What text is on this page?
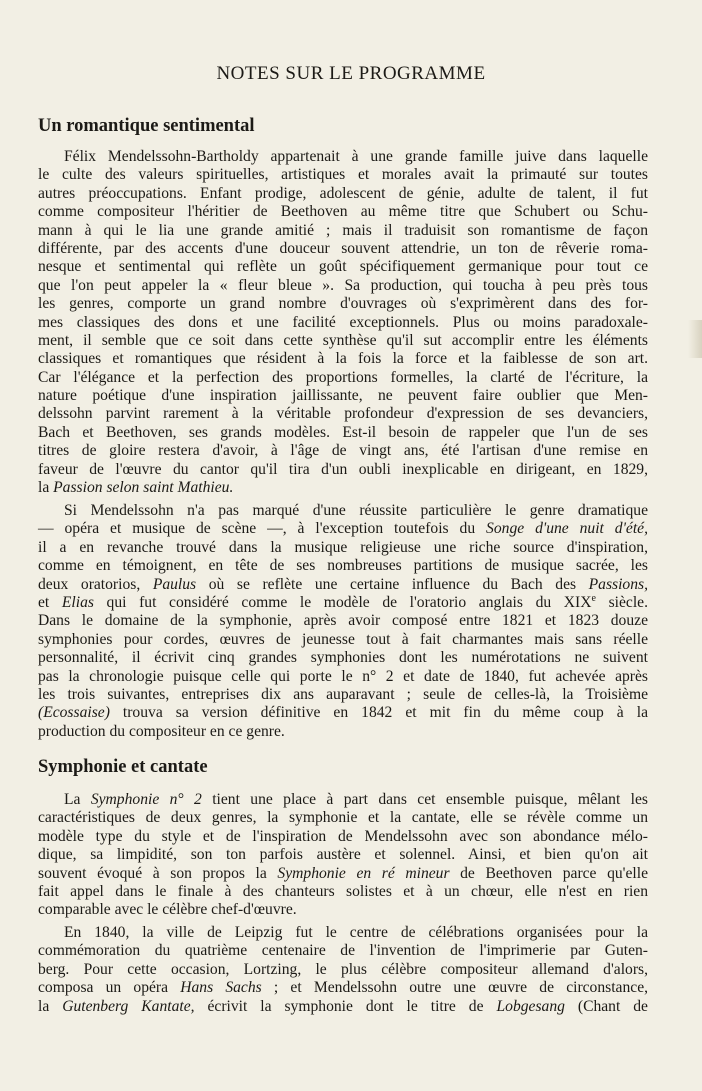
NOTES SUR LE PROGRAMME
Un romantique sentimental
Félix Mendelssohn-Bartholdy appartenait à une grande famille juive dans laquelle
le culte des valeurs spirituelles, artistiques et morales avait la primauté sur toutes
autres préoccupations. Enfant prodige, adolescent de génie, adulte de talent, il fut
comme compositeur l'héritier de Beethoven au même titre que Schubert ou Schu-
mann à qui le lia une grande amitié ; mais il traduisit son romantisme de façon
différente, par des accents d'une douceur souvent attendrie, un ton de rêverie roma-
nesque et sentimental qui reflète un goût spécifiquement germanique pour tout ce
que l'on peut appeler la « fleur bleue ». Sa production, qui toucha à peu près tous
les genres, comporte un grand nombre d'ouvrages où s'exprimèrent dans des for-
mes classiques des dons et une facilité exceptionnels. Plus ou moins paradoxale-
ment, il semble que ce soit dans cette synthèse qu'il sut accomplir entre les éléments
classiques et romantiques que résident à la fois la force et la faiblesse de son art.
Car l'élégance et la perfection des proportions formelles, la clarté de l'écriture, la
nature poétique d'une inspiration jaillissante, ne peuvent faire oublier que Men-
delssohn parvint rarement à la véritable profondeur d'expression de ses devanciers,
Bach et Beethoven, ses grands modèles. Est-il besoin de rappeler que l'un de ses
titres de gloire restera d'avoir, à l'âge de vingt ans, été l'artisan d'une remise en
faveur de l'œuvre du cantor qu'il tira d'un oubli inexplicable en dirigeant, en 1829,
la Passion selon saint Mathieu.
Si Mendelssohn n'a pas marqué d'une réussite particulière le genre dramatique
— opéra et musique de scène —, à l'exception toutefois du Songe d'une nuit d'été,
il a en revanche trouvé dans la musique religieuse une riche source d'inspiration,
comme en témoignent, en tête de ses nombreuses partitions de musique sacrée, les
deux oratorios, Paulus où se reflète une certaine influence du Bach des Passions,
et Elias qui fut considéré comme le modèle de l'oratorio anglais du XIXe siècle.
Dans le domaine de la symphonie, après avoir composé entre 1821 et 1823 douze
symphonies pour cordes, œuvres de jeunesse tout à fait charmantes mais sans réelle
personnalité, il écrivit cinq grandes symphonies dont les numérotations ne suivent
pas la chronologie puisque celle qui porte le n° 2 et date de 1840, fut achevée après
les trois suivantes, entreprises dix ans auparavant ; seule de celles-là, la Troisième
(Ecossaise) trouva sa version définitive en 1842 et mit fin du même coup à la
production du compositeur en ce genre.
Symphonie et cantate
La Symphonie n° 2 tient une place à part dans cet ensemble puisque, mêlant les
caractéristiques de deux genres, la symphonie et la cantate, elle se révèle comme un
modèle type du style et de l'inspiration de Mendelssohn avec son abondance mélo-
dique, sa limpidité, son ton parfois austère et solennel. Ainsi, et bien qu'on ait
souvent évoqué à son propos la Symphonie en ré mineur de Beethoven parce qu'elle
fait appel dans le finale à des chanteurs solistes et à un chœur, elle n'est en rien
comparable avec le célèbre chef-d'œuvre.
En 1840, la ville de Leipzig fut le centre de célébrations organisées pour la
commémoration du quatrième centenaire de l'invention de l'imprimerie par Guten-
berg. Pour cette occasion, Lortzing, le plus célèbre compositeur allemand d'alors,
composa un opéra Hans Sachs ; et Mendelssohn outre une œuvre de circonstance,
la Gutenberg Kantate, écrivit la symphonie dont le titre de Lobgesang (Chant de
